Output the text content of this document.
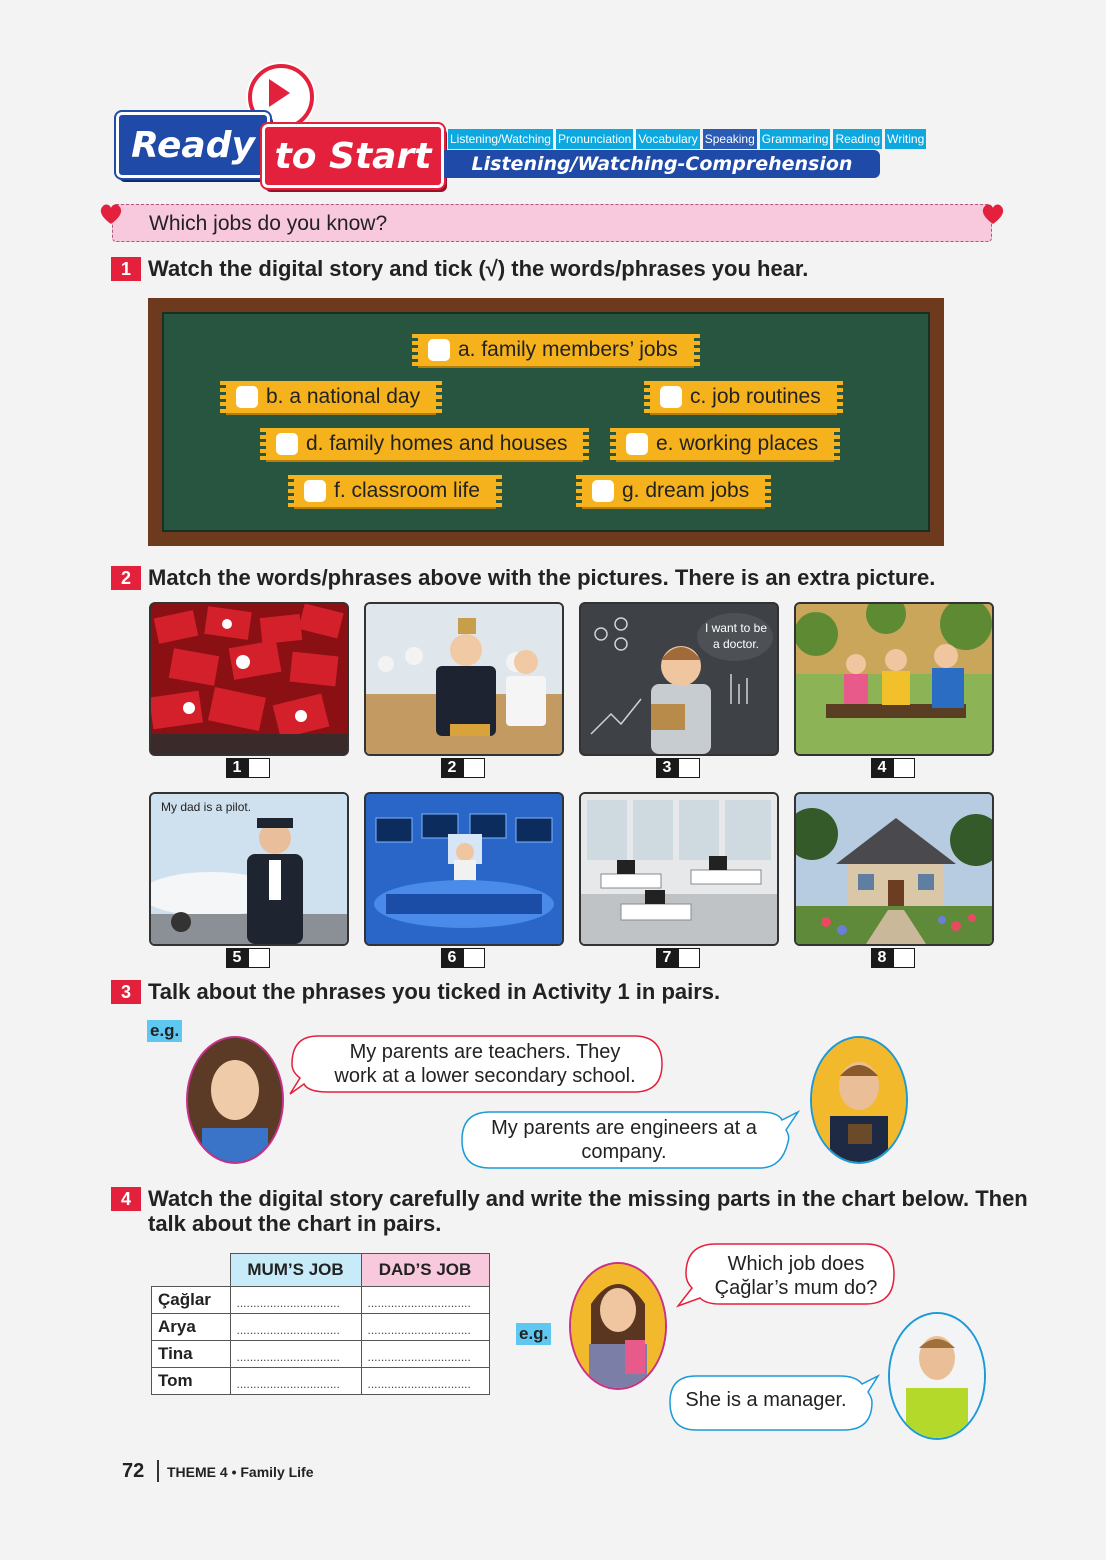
Ready to Start	Listening/Watching Pronunciation Vocabulary Speaking Grammaring Reading Writing
Listening/Watching-Comprehension
Which jobs do you know?
1 Watch the digital story and tick (√) the words/phrases you hear.
a. family members’ jobs
b. a national day	c. job routines
d. family homes and houses	e. working places
f. classroom life	g. dream jobs
2 Match the words/phrases above with the pictures. There is an extra picture.
I want to be
a doctor.
1	2	3	4
My dad is a pilot.
5	6	7	8
3 Talk about the phrases you ticked in Activity 1 in pairs.
e.g.
My parents are teachers. They
work at a lower secondary school.
My parents are engineers at a
company.
4 Watch the digital story carefully and write the missing parts in the chart below. Then
talk about the chart in pairs.
	MUM’S JOB	DAD’S JOB
Çağlar	...............................	...............................
Arya	...............................	...............................
Tina	...............................	...............................
Tom	...............................	...............................
e.g.
Which job does
Çağlar’s mum do?
She is a manager.
72 THEME 4 • Family Life
